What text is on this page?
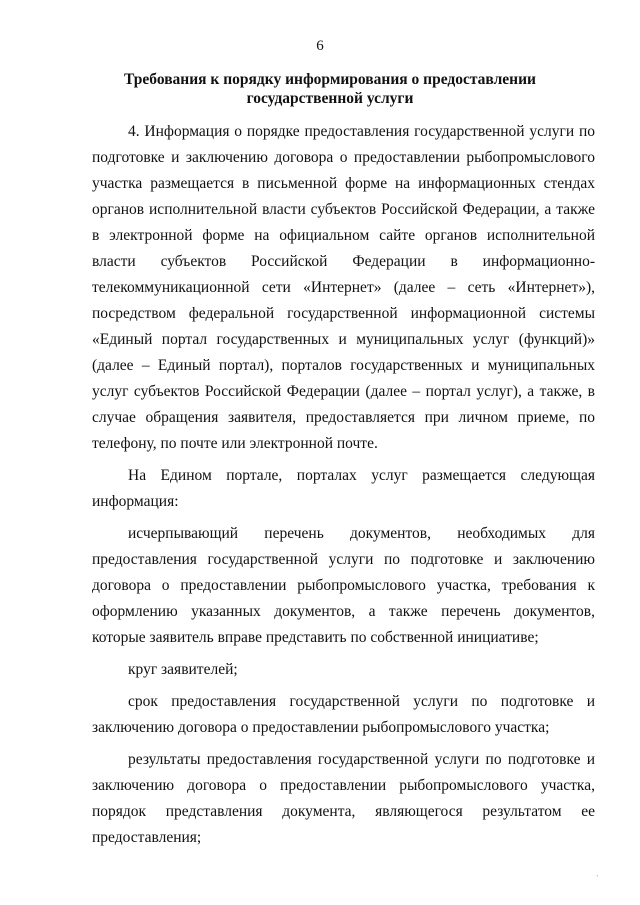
6
Требования к порядку информирования о предоставлении
государственной услуги

4. Информация о порядке предоставления государственной услуги по подготовке и заключению договора о предоставлении рыбопромыслового участка размещается в письменной форме на информационных стендах органов исполнительной власти субъектов Российской Федерации, а также в электронной форме на официальном сайте органов исполнительной власти субъектов Российской Федерации в информационно-телекоммуникационной сети «Интернет» (далее – сеть «Интернет»), посредством федеральной государственной информационной системы «Единый портал государственных и муниципальных услуг (функций)» (далее – Единый портал), порталов государственных и муниципальных услуг субъектов Российской Федерации (далее – портал услуг), а также, в случае обращения заявителя, предоставляется при личном приеме, по телефону, по почте или электронной почте.

На Едином портале, порталах услуг размещается следующая информация:

исчерпывающий перечень документов, необходимых для предоставления государственной услуги по подготовке и заключению договора о предоставлении рыбопромыслового участка, требования к оформлению указанных документов, а также перечень документов, которые заявитель вправе представить по собственной инициативе;

круг заявителей;

срок предоставления государственной услуги по подготовке и заключению договора о предоставлении рыбопромыслового участка;

результаты предоставления государственной услуги по подготовке и заключению договора о предоставлении рыбопромыслового участка, порядок представления документа, являющегося результатом ее предоставления;

`
